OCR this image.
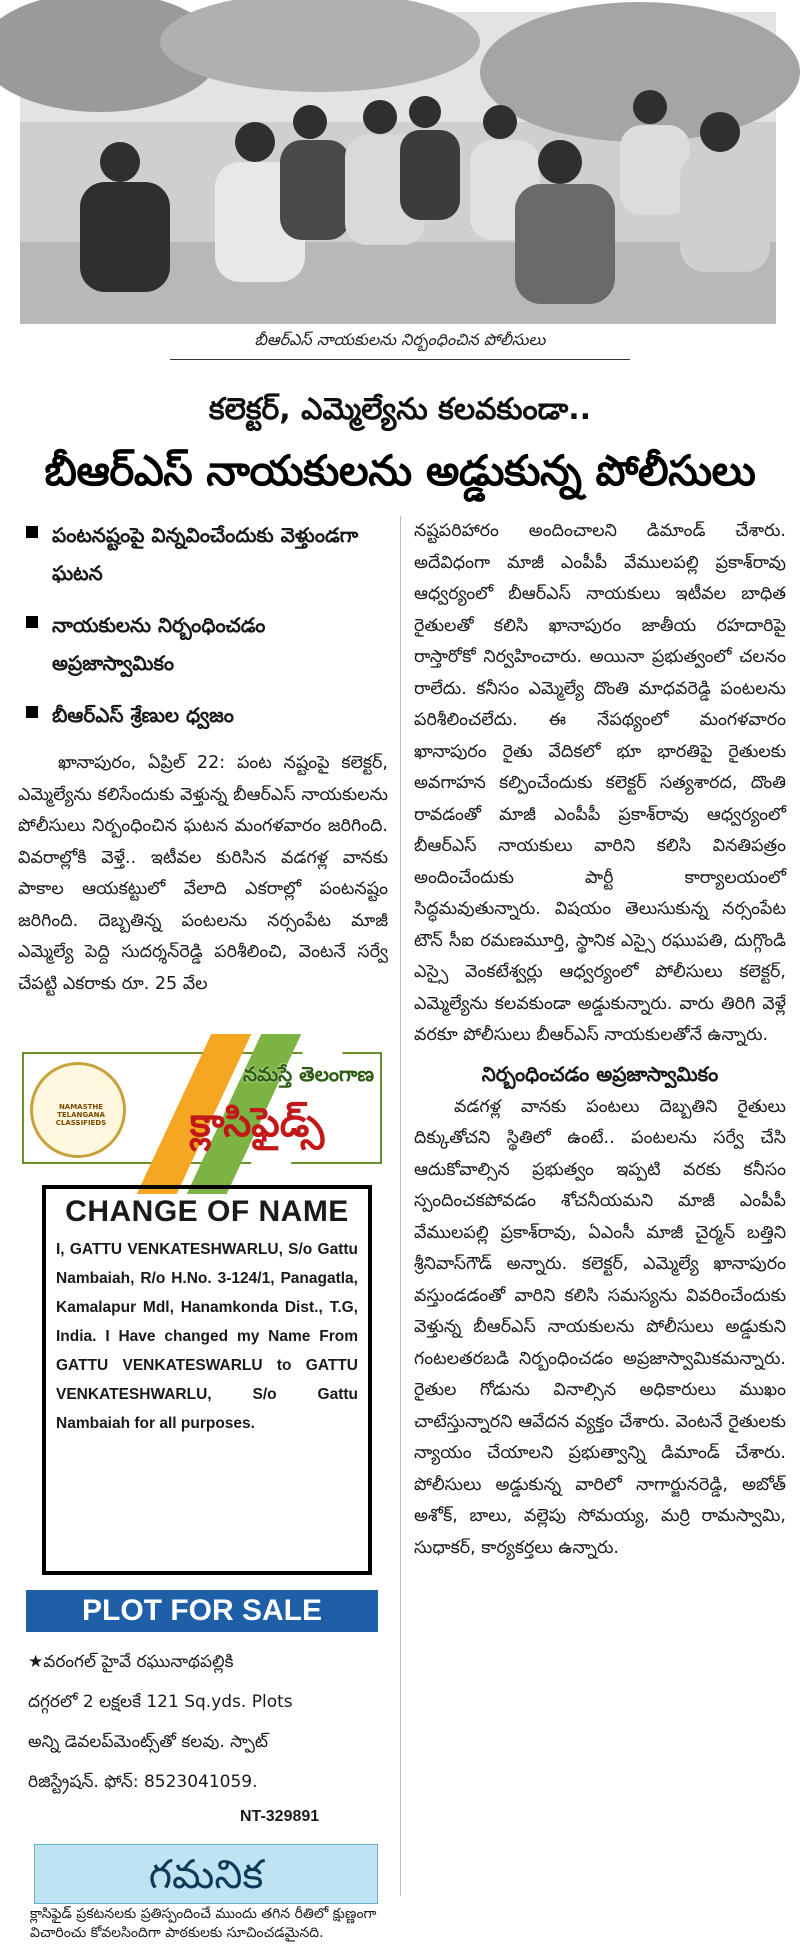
బీఆర్‌ఎస్‌ నాయకులను నిర్బంధించిన పోలీసులు
కలెక్టర్‌, ఎమ్మెల్యేను కలవకుండా..
బీఆర్‌ఎస్‌ నాయకులను అడ్డుకున్న పోలీసులు
పంటనష్టంపై విన్నవించేందుకు వెళ్తుండగా ఘటన
నాయకులను నిర్బంధించడం అప్రజాస్వామికం
బీఆర్‌ఎస్‌ శ్రేణుల ధ్వజం

ఖానాపురం, ఏప్రిల్‌ 22: పంట నష్టంపై కలెక్టర్‌, ఎమ్మెల్యేను కలిసేందుకు వెళ్తున్న బీఆర్‌ఎస్‌ నాయకులను పోలీసులు నిర్బంధించిన ఘటన మంగళవారం జరిగింది. వివరాల్లోకి వెళ్తే.. ఇటీవల కురిసిన వడగళ్ల వానకు పాకాల ఆయకట్టులో వేలాది ఎకరాల్లో పంటనష్టం జరిగింది. దెబ్బతిన్న పంటలను నర్సంపేట మాజీ ఎమ్మెల్యే పెద్ది సుదర్శన్‌రెడ్డి పరిశీలించి, వెంటనే సర్వే చేపట్టి ఎకరాకు రూ. 25 వేల

నష్టపరిహారం అందించాలని డిమాండ్‌ చేశారు. అదేవిధంగా మాజీ ఎంపీపీ వేములపల్లి ప్రకాశ్‌రావు ఆధ్వర్యంలో బీఆర్‌ఎస్‌ నాయకులు ఇటీవల బాధిత రైతులతో కలిసి ఖానాపురం జాతీయ రహదారిపై రాస్తారోకో నిర్వహించారు. అయినా ప్రభుత్వంలో చలనం రాలేదు. కనీసం ఎమ్మెల్యే దొంతి మాధవరెడ్డి పంటలను పరిశీలించలేదు. ఈ నేపథ్యంలో మంగళవారం ఖానాపురం రైతు వేదికలో భూ భారతిపై రైతులకు అవగాహన కల్పించేందుకు కలెక్టర్‌ సత్యశారద, దొంతి రావడంతో మాజీ ఎంపీపీ ప్రకాశ్‌రావు ఆధ్వర్యంలో బీఆర్‌ఎస్‌ నాయకులు వారిని కలిసి వినతిపత్రం అందించేందుకు పార్టీ కార్యాలయంలో సిద్ధమవుతున్నారు. విషయం తెలుసుకున్న నర్సంపేట టౌన్‌ సీఐ రమణమూర్తి, స్థానిక ఎస్సై రఘుపతి, దుగ్గొండి ఎస్సై వెంకటేశ్వర్లు ఆధ్వర్యంలో పోలీసులు కలెక్టర్‌, ఎమ్మెల్యేను కలవకుండా అడ్డుకున్నారు. వారు తిరిగి వెళ్లే వరకూ పోలీసులు బీఆర్‌ఎస్‌ నాయకులతోనే ఉన్నారు.

నిర్బంధించడం అప్రజాస్వామికం

వడగళ్ల వానకు పంటలు దెబ్బతిని రైతులు దిక్కుతోచని స్థితిలో ఉంటే.. పంటలను సర్వే చేసి ఆదుకోవాల్సిన ప్రభుత్వం ఇప్పటి వరకు కనీసం స్పందించకపోవడం శోచనీయమని మాజీ ఎంపీపీ వేములపల్లి ప్రకాశ్‌రావు, ఏఎంసీ మాజీ చైర్మన్‌ బత్తిని శ్రీనివాస్‌గౌడ్‌ అన్నారు. కలెక్టర్‌, ఎమ్మెల్యే ఖానాపురం వస్తుండడంతో వారిని కలిసి సమస్యను వివరించేందుకు వెళ్తున్న బీఆర్‌ఎస్‌ నాయకులను పోలీసులు అడ్డుకుని గంటలతరబడి నిర్బంధించడం అప్రజాస్వామికమన్నారు. రైతుల గోడును వినాల్సిన అధికారులు ముఖం చాటేస్తున్నారని ఆవేదన వ్యక్తం చేశారు. వెంటనే రైతులకు న్యాయం చేయాలని ప్రభుత్వాన్ని డిమాండ్‌ చేశారు. పోలీసులు అడ్డుకున్న వారిలో నాగార్జునరెడ్డి, అబోత్‌ అశోక్‌, బాలు, వల్లెపు సోమయ్య, మర్రి రామస్వామి, సుధాకర్‌, కార్యకర్తలు ఉన్నారు.

NAMASTHE TELANGANA CLASSIFIEDS
నమస్తే తెలంగాణ
క్లాసిఫైడ్స్‌
CHANGE OF NAME
I, GATTU VENKATESHWARLU, S/o Gattu Nambaiah, R/o H.No. 3-124/1, Panagatla, Kamalapur Mdl, Hanamkonda Dist., T.G, India. I Have changed my Name From GATTU VENKATESWARLU to GATTU VENKATESHWARLU, S/o Gattu Nambaiah for all purposes.
PLOT FOR SALE
★వరంగల్‌ హైవే రఘునాథపల్లికి
దగ్గరలో 2 లక్షలకే 121 Sq.yds. Plots
అన్ని డెవలప్‌మెంట్స్‌తో కలవు. స్పాట్‌
రిజిస్ట్రేషన్‌. ఫోన్‌: 8523041059.
NT-329891
గమనిక
క్లాసిఫైడ్‌ ప్రకటనలకు ప్రతిస్పందించే ముందు తగిన రీతిలో క్షుణ్ణంగా విచారించు కోవలసిందిగా పాఠకులకు సూచించడమైనది.
